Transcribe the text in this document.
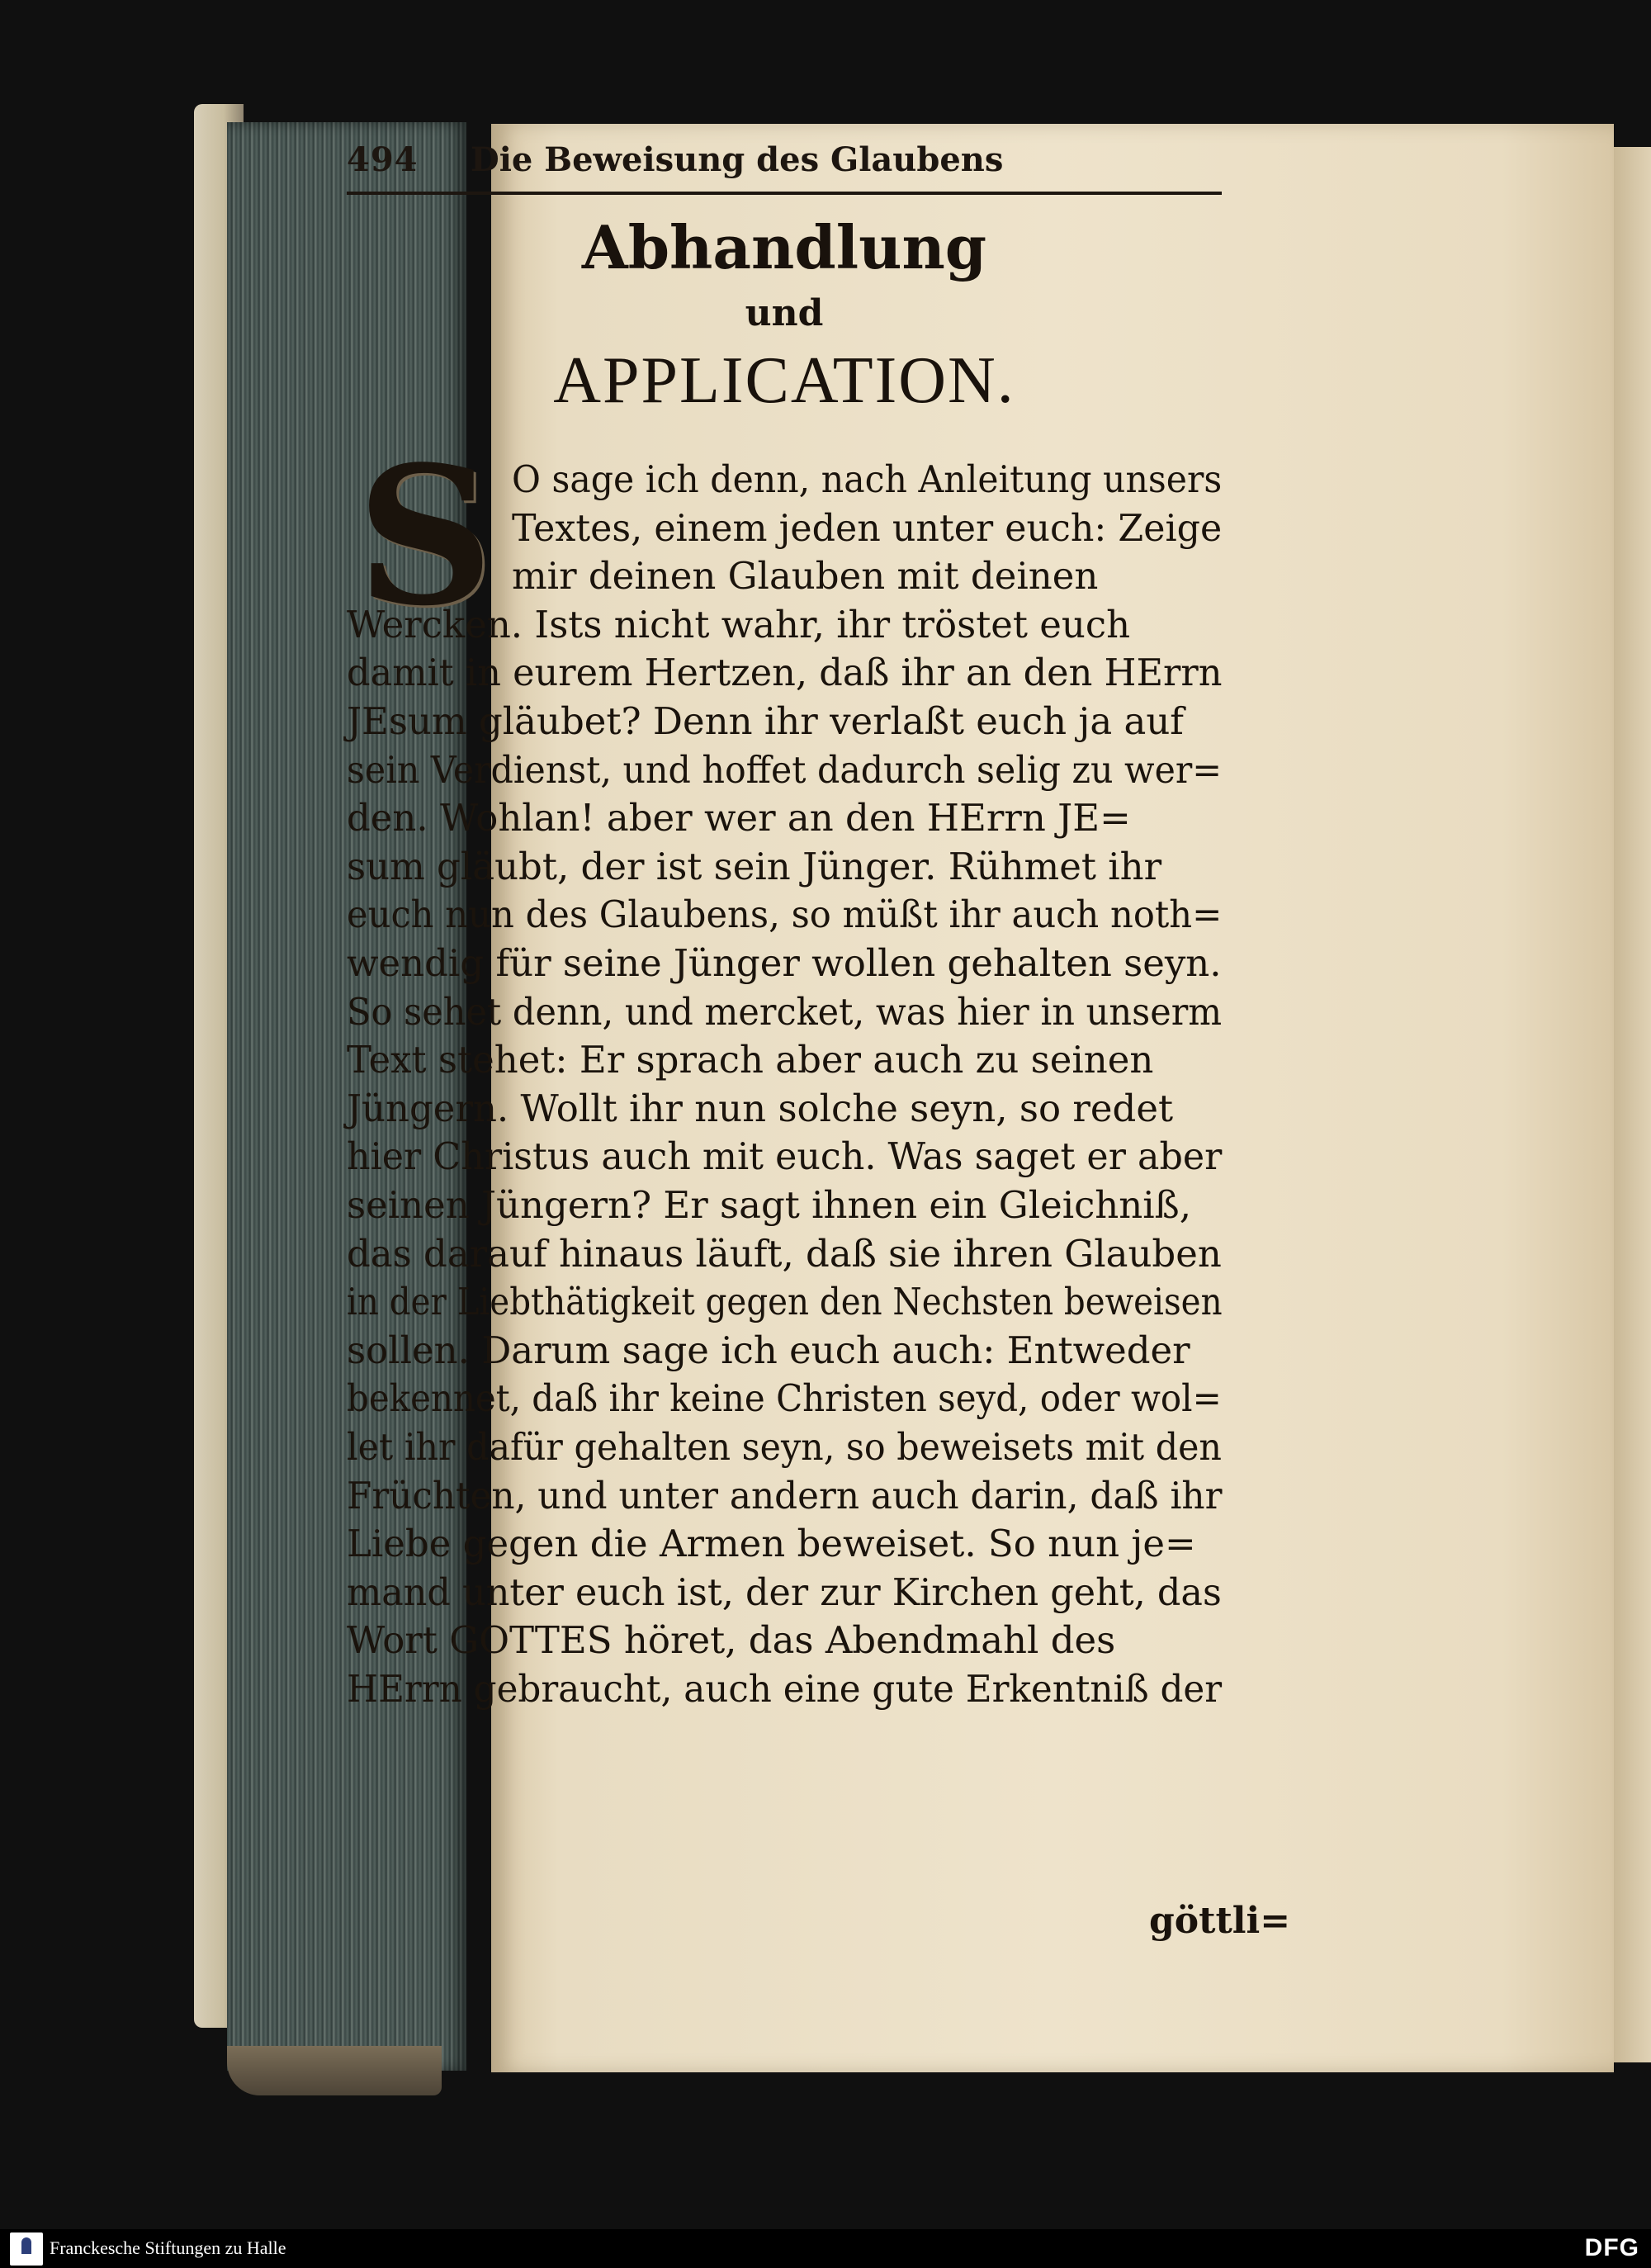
494 Die Beweisung des Glaubens
Abhandlung
und
APPLICATION.
S O sage ich denn, nach Anleitung unsers
Textes, einem jeden unter euch: Zeige
mir deinen Glauben mit deinen
Wercken. Ists nicht wahr, ihr tröstet euch
damit in eurem Hertzen, daß ihr an den HErrn
JEsum gläubet? Denn ihr verlaßt euch ja auf
sein Verdienst, und hoffet dadurch selig zu wer=
den. Wohlan! aber wer an den HErrn JE=
sum gläubt, der ist sein Jünger. Rühmet ihr
euch nun des Glaubens, so müßt ihr auch noth=
wendig für seine Jünger wollen gehalten seyn.
So sehet denn, und mercket, was hier in unserm
Text stehet: Er sprach aber auch zu seinen
Jüngern. Wollt ihr nun solche seyn, so redet
hier Christus auch mit euch. Was saget er aber
seinen Jüngern? Er sagt ihnen ein Gleichniß,
das darauf hinaus läuft, daß sie ihren Glauben
in der Liebthätigkeit gegen den Nechsten beweisen
sollen. Darum sage ich euch auch: Entweder
bekennet, daß ihr keine Christen seyd, oder wol=
let ihr dafür gehalten seyn, so beweisets mit den
Früchten, und unter andern auch darin, daß ihr
Liebe gegen die Armen beweiset. So nun je=
mand unter euch ist, der zur Kirchen geht, das
Wort GOTTES höret, das Abendmahl des
HErrn gebraucht, auch eine gute Erkentniß der
göttli=
Franckesche Stiftungen zu Halle	DFG
